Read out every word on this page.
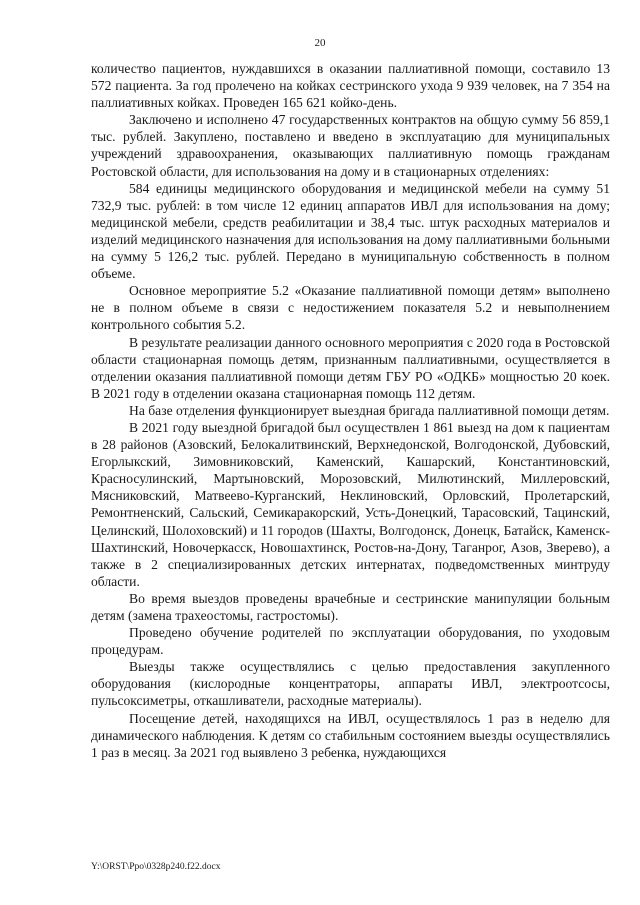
20

количество пациентов, нуждавшихся в оказании паллиативной помощи, составило 13 572 пациента. За год пролечено на койках сестринского ухода 9 939 человек, на 7 354 на паллиативных койках. Проведен 165 621 койко-день.

Заключено и исполнено 47 государственных контрактов на общую сумму 56 859,1 тыс. рублей. Закуплено, поставлено и введено в эксплуатацию для муниципальных учреждений здравоохранения, оказывающих паллиативную помощь гражданам Ростовской области, для использования на дому и в стационарных отделениях:

584 единицы медицинского оборудования и медицинской мебели на сумму 51 732,9 тыс. рублей: в том числе 12 единиц аппаратов ИВЛ для использования на дому; медицинской мебели, средств реабилитации и 38,4 тыс. штук расходных материалов и изделий медицинского назначения для использования на дому паллиативными больными на сумму 5 126,2 тыс. рублей. Передано в муниципальную собственность в полном объеме.

Основное мероприятие 5.2 «Оказание паллиативной помощи детям» выполнено не в полном объеме в связи с недостижением показателя 5.2 и невыполнением контрольного события 5.2.

В результате реализации данного основного мероприятия с 2020 года в Ростовской области стационарная помощь детям, признанным паллиативными, осуществляется в отделении оказания паллиативной помощи детям ГБУ РО «ОДКБ» мощностью 20 коек. В 2021 году в отделении оказана стационарная помощь 112 детям.

На базе отделения функционирует выездная бригада паллиативной помощи детям.

В 2021 году выездной бригадой был осуществлен 1 861 выезд на дом к пациентам в 28 районов (Азовский, Белокалитвинский, Верхнедонской, Волгодонской, Дубовский, Егорлыкский, Зимовниковский, Каменский, Кашарский, Константиновский, Красносулинский, Мартыновский, Морозовский, Милютинский, Миллеровский, Мясниковский, Матвеево-Курганский, Неклиновский, Орловский, Пролетарский, Ремонтненский, Сальский, Семикаракорский, Усть-Донецкий, Тарасовский, Тацинский, Целинский, Шолоховский) и 11 городов (Шахты, Волгодонск, Донецк, Батайск, Каменск-Шахтинский, Новочеркасск, Новошахтинск, Ростов-на-Дону, Таганрог, Азов, Зверево), а также в 2 специализированных детских интернатах, подведомственных минтруду области.

Во время выездов проведены врачебные и сестринские манипуляции больным детям (замена трахеостомы, гастростомы).

Проведено обучение родителей по эксплуатации оборудования, по уходовым процедурам.

Выезды также осуществлялись с целью предоставления закупленного оборудования (кислородные концентраторы, аппараты ИВЛ, электроотсосы, пульсоксиметры, откашливатели, расходные материалы).

Посещение детей, находящихся на ИВЛ, осуществлялось 1 раз в неделю для динамического наблюдения. К детям со стабильным состоянием выезды осуществлялись 1 раз в месяц. За 2021 год выявлено 3 ребенка, нуждающихся

Y:\ORST\Ppo\0328p240.f22.docx
